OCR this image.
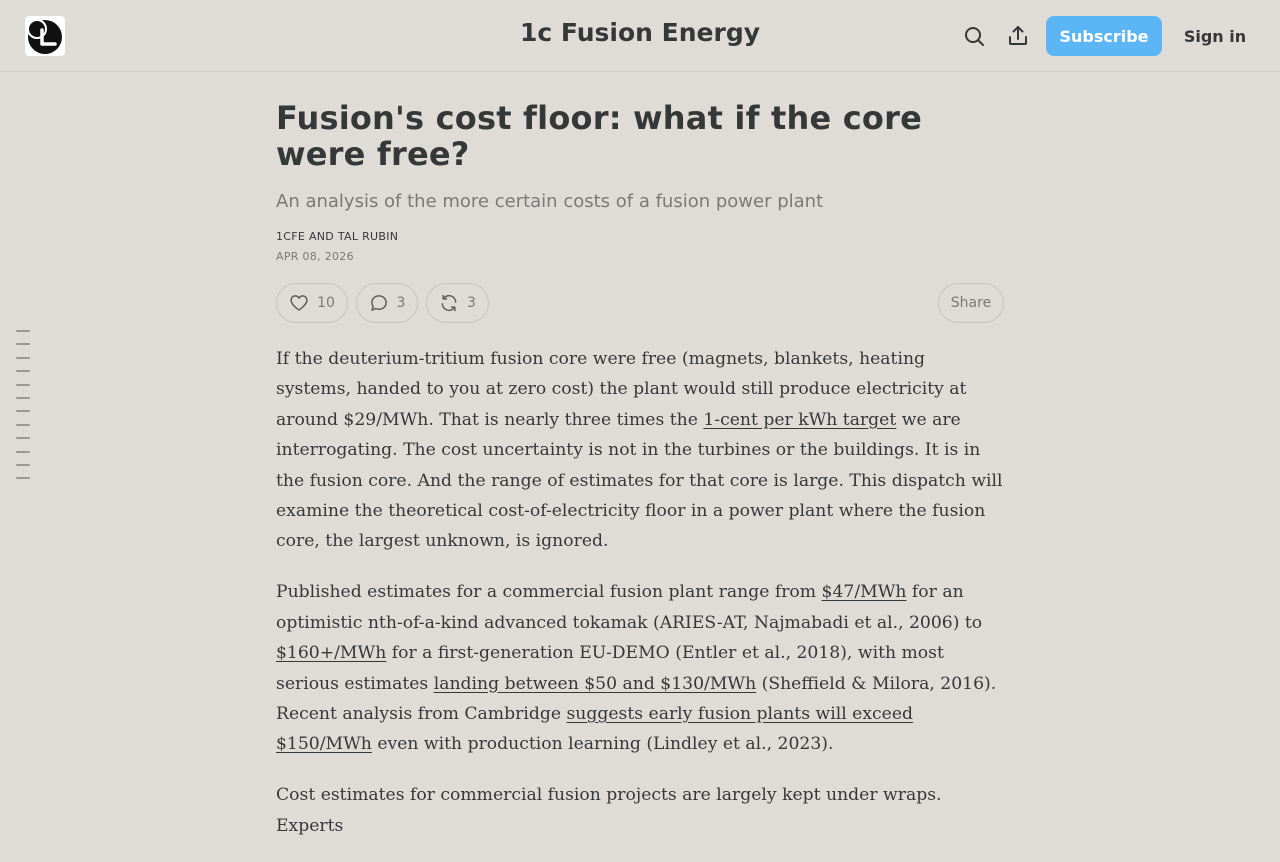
1c Fusion Energy	Subscribe	Sign in
Fusion's cost floor: what if the core were free?
An analysis of the more certain costs of a fusion power plant
1CFE AND TAL RUBIN
APR 08, 2026
10	3	3	Share

If the deuterium-tritium fusion core were free (magnets, blankets, heating systems, handed to you at zero cost) the plant would still produce electricity at around $29/MWh. That is nearly three times the 1-cent per kWh target we are interrogating. The cost uncertainty is not in the turbines or the buildings. It is in the fusion core. And the range of estimates for that core is large. This dispatch will examine the theoretical cost-of-electricity floor in a power plant where the fusion core, the largest unknown, is ignored.

Published estimates for a commercial fusion plant range from $47/MWh for an optimistic nth-of-a-kind advanced tokamak (ARIES-AT, Najmabadi et al., 2006) to $160+/MWh for a first-generation EU-DEMO (Entler et al., 2018), with most serious estimates landing between $50 and $130/MWh (Sheffield & Milora, 2016). Recent analysis from Cambridge suggests early fusion plants will exceed $150/MWh even with production learning (Lindley et al., 2023).

Cost estimates for commercial fusion projects are largely kept under wraps. Experts
